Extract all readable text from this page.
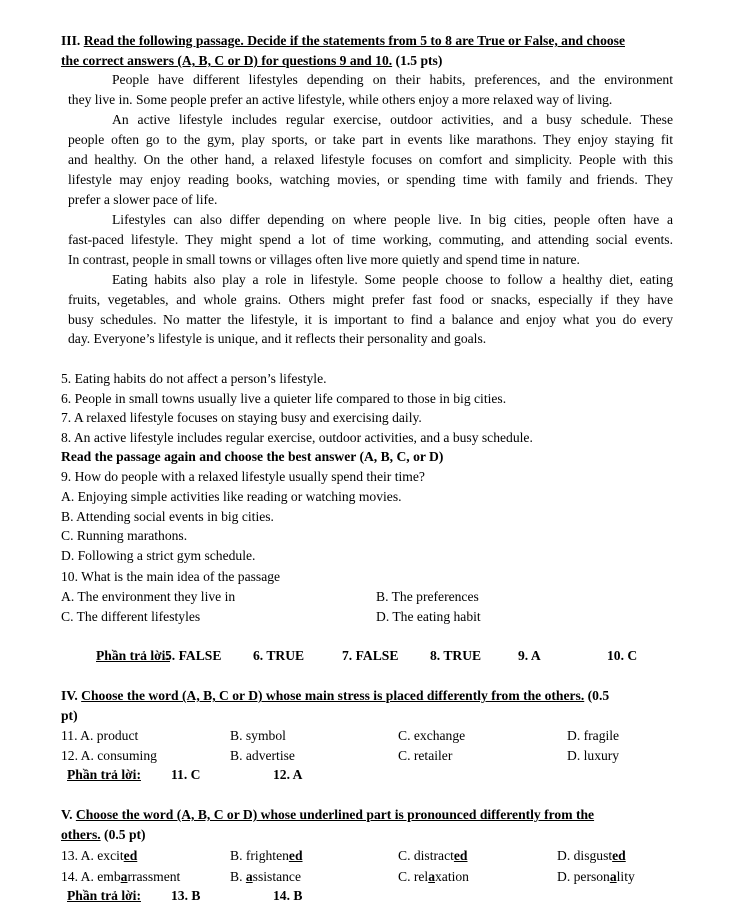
III. Read the following passage. Decide if the statements from 5 to 8 are True or False, and choose
the correct answers (A, B, C or D) for questions 9 and 10. (1.5 pts)
People have different lifestyles depending on their habits, preferences, and the environment
they live in. Some people prefer an active lifestyle, while others enjoy a more relaxed way of living.
An active lifestyle includes regular exercise, outdoor activities, and a busy schedule. These
people often go to the gym, play sports, or take part in events like marathons. They enjoy staying fit
and healthy. On the other hand, a relaxed lifestyle focuses on comfort and simplicity. People with this
lifestyle may enjoy reading books, watching movies, or spending time with family and friends. They
prefer a slower pace of life.
Lifestyles can also differ depending on where people live. In big cities, people often have a
fast-paced lifestyle. They might spend a lot of time working, commuting, and attending social events.
In contrast, people in small towns or villages often live more quietly and spend time in nature.
Eating habits also play a role in lifestyle. Some people choose to follow a healthy diet, eating
fruits, vegetables, and whole grains. Others might prefer fast food or snacks, especially if they have
busy schedules. No matter the lifestyle, it is important to find a balance and enjoy what you do every
day. Everyone’s lifestyle is unique, and it reflects their personality and goals.
5. Eating habits do not affect a person’s lifestyle.
6. People in small towns usually live a quieter life compared to those in big cities.
7. A relaxed lifestyle focuses on staying busy and exercising daily.
8. An active lifestyle includes regular exercise, outdoor activities, and a busy schedule.
Read the passage again and choose the best answer (A, B, C, or D)
9. How do people with a relaxed lifestyle usually spend their time?
A. Enjoying simple activities like reading or watching movies.
B. Attending social events in big cities.
C. Running marathons.
D. Following a strict gym schedule.
10. What is the main idea of the passage
A. The environment they live in	B. The preferences
C. The different lifestyles	D. The eating habit
Phần trả lời:
5. FALSE 6. TRUE	7. FALSE 8. TRUE	9. A	10. C
IV. Choose the word (A, B, C or D) whose main stress is placed differently from the others. (0.5
pt)
11. A. product	B. symbol	C. exchange	D. fragile
12. A. consuming	B. advertise	C. retailer	D. luxury
Phần trả lời: 11. C	12. A
V. Choose the word (A, B, C or D) whose underlined part is pronounced differently from the
others. (0.5 pt)
13. A. excited	B. frightened	C. distracted	D. disgusted
14. A. embarrassment	B. assistance	C. relaxation	D. personality
Phần trả lời: 13. B	14. B
